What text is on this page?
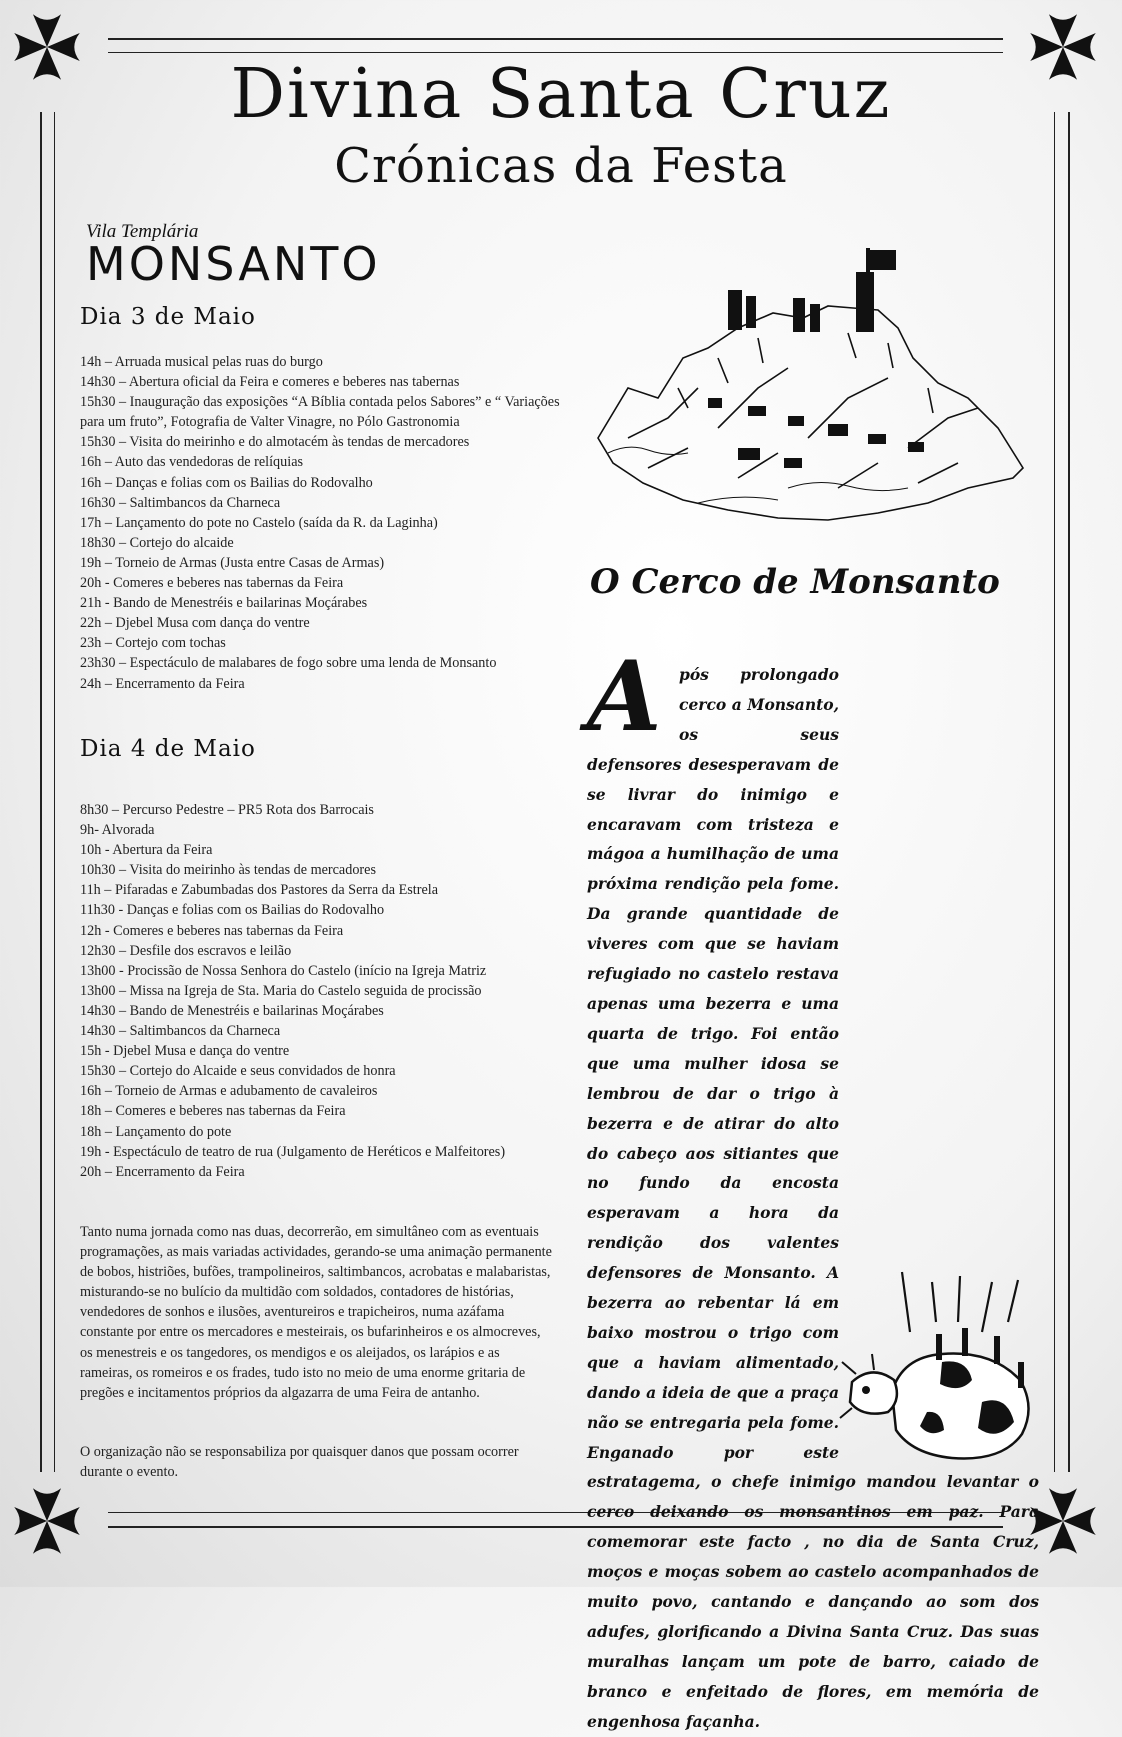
Divina Santa Cruz
Crónicas da Festa
Vila Templária
MONSANTO
Dia 3 de Maio
14h – Arruada musical pelas ruas do burgo
14h30 – Abertura oficial da Feira e comeres e beberes nas tabernas
15h30 – Inauguração das exposições “A Bíblia contada pelos Sabores” e “ Variações para um fruto”, Fotografia de Valter Vinagre, no Pólo Gastronomia
15h30 – Visita do meirinho e do almotacém às tendas de mercadores
16h – Auto das vendedoras de relíquias
16h – Danças e folias com os Bailias do Rodovalho
16h30 – Saltimbancos da Charneca
17h – Lançamento do pote no Castelo (saída da R. da Laginha)
18h30 – Cortejo do alcaide
19h – Torneio de Armas (Justa entre Casas de Armas)
20h - Comeres e beberes nas tabernas da Feira
21h - Bando de Menestréis e bailarinas Moçárabes
22h – Djebel Musa com dança do ventre
23h – Cortejo com tochas
23h30 – Espectáculo de malabares de fogo sobre uma lenda de Monsanto
24h – Encerramento da Feira
Dia 4 de Maio
8h30 – Percurso Pedestre – PR5 Rota dos Barrocais
9h- Alvorada
10h - Abertura da Feira
10h30 – Visita do meirinho às tendas de mercadores
11h – Pifaradas e Zabumbadas dos Pastores da Serra da Estrela
11h30 - Danças e folias com os Bailias do Rodovalho
12h - Comeres e beberes nas tabernas da Feira
12h30 – Desfile dos escravos e leilão
13h00 - Procissão de Nossa Senhora do Castelo (início na Igreja Matriz
13h00 – Missa na Igreja de Sta. Maria do Castelo seguida de procissão
14h30 – Bando de Menestréis e bailarinas Moçárabes
14h30 – Saltimbancos da Charneca
15h - Djebel Musa e dança do ventre
15h30 – Cortejo do Alcaide e seus convidados de honra
16h – Torneio de Armas e adubamento de cavaleiros
18h – Comeres e beberes nas tabernas da Feira
18h – Lançamento do pote
19h - Espectáculo de teatro de rua (Julgamento de Heréticos e Malfeitores)
20h – Encerramento da Feira

Tanto numa jornada como nas duas, decorrerão, em simultâneo com as eventuais programações, as mais variadas actividades, gerando-se uma animação permanente de bobos, histriões, bufões, trampolineiros, saltimbancos, acrobatas e malabaristas, misturando-se no bulício da multidão com soldados, contadores de histórias, vendedores de sonhos e ilusões, aventureiros e trapicheiros, numa azáfama constante por entre os mercadores e mesteirais, os bufarinheiros e os almocreves, os menestreis e os tangedores, os mendigos e os aleijados, os larápios e as rameiras, os romeiros e os frades, tudo isto no meio de uma enorme gritaria de pregões e incitamentos próprios da algazarra de uma Feira de antanho.

O organização não se responsabiliza por quaisquer danos que possam ocorrer durante o evento.

O Cerco de Monsanto
A	pós prolongado cerco a Monsanto, os seus defensores desesperavam de se livrar do inimigo e encaravam com tristeza e mágoa a humilhação de uma próxima rendição pela fome. Da grande quantidade de viveres com que se haviam refugiado no castelo restava apenas uma bezerra e uma quarta de trigo. Foi então que uma mulher idosa se lembrou de dar o trigo à bezerra e de atirar do alto do cabeço aos sitiantes que no fundo da encosta esperavam a hora da rendição dos valentes defensores de Monsanto. A bezerra ao rebentar lá em baixo mostrou o trigo com que a haviam alimentado, dando a ideia de que a praça não se entregaria pela fome. Enganado por este estratagema, o chefe inimigo mandou levantar o cerco deixando os monsantinos em paz. Para comemorar este facto , no dia de Santa Cruz, moços e moças sobem ao castelo acompanhados de muito povo, cantando e dançando ao som dos adufes, glorificando a Divina Santa Cruz. Das suas muralhas lançam um pote de barro, caiado de branco e enfeitado de flores, em memória de engenhosa façanha.
